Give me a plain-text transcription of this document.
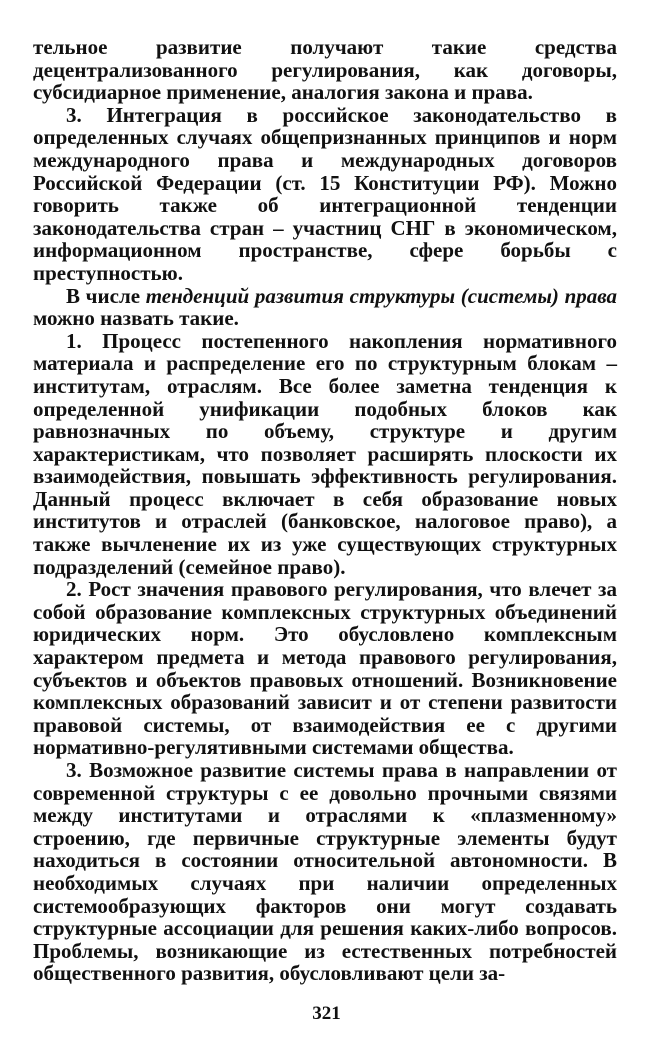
тельное развитие получают такие средства децентрализованного регулирования, как договоры, субсидиарное применение, аналогия закона и права.

3. Интеграция в российское законодательство в определенных случаях общепризнанных принципов и норм международного права и международных договоров Российской Федерации (ст. 15 Конституции РФ). Можно говорить также об интеграционной тенденции законодательства стран – участниц СНГ в экономическом, информационном пространстве, сфере борьбы с преступностью.

В числе тенденций развития структуры (системы) права можно назвать такие.

1. Процесс постепенного накопления нормативного материала и распределение его по структурным блокам – институтам, отраслям. Все более заметна тенденция к определенной унификации подобных блоков как равнозначных по объему, структуре и другим характеристикам, что позволяет расширять плоскости их взаимодействия, повышать эффективность регулирования. Данный процесс включает в себя образование новых институтов и отраслей (банковское, налоговое право), а также вычленение их из уже существующих структурных подразделений (семейное право).

2. Рост значения правового регулирования, что влечет за собой образование комплексных структурных объединений юридических норм. Это обусловлено комплексным характером предмета и метода правового регулирования, субъектов и объектов правовых отношений. Возникновение комплексных образований зависит и от степени развитости правовой системы, от взаимодействия ее с другими нормативно-регулятивными системами общества.

3. Возможное развитие системы права в направлении от современной структуры с ее довольно прочными связями между институтами и отраслями к «плазменному» строению, где первичные структурные элементы будут находиться в состоянии относительной автономности. В необходимых случаях при наличии определенных системообразующих факторов они могут создавать структурные ассоциации для решения каких-либо вопросов. Проблемы, возникающие из естественных потребностей общественного развития, обусловливают цели за-

321
